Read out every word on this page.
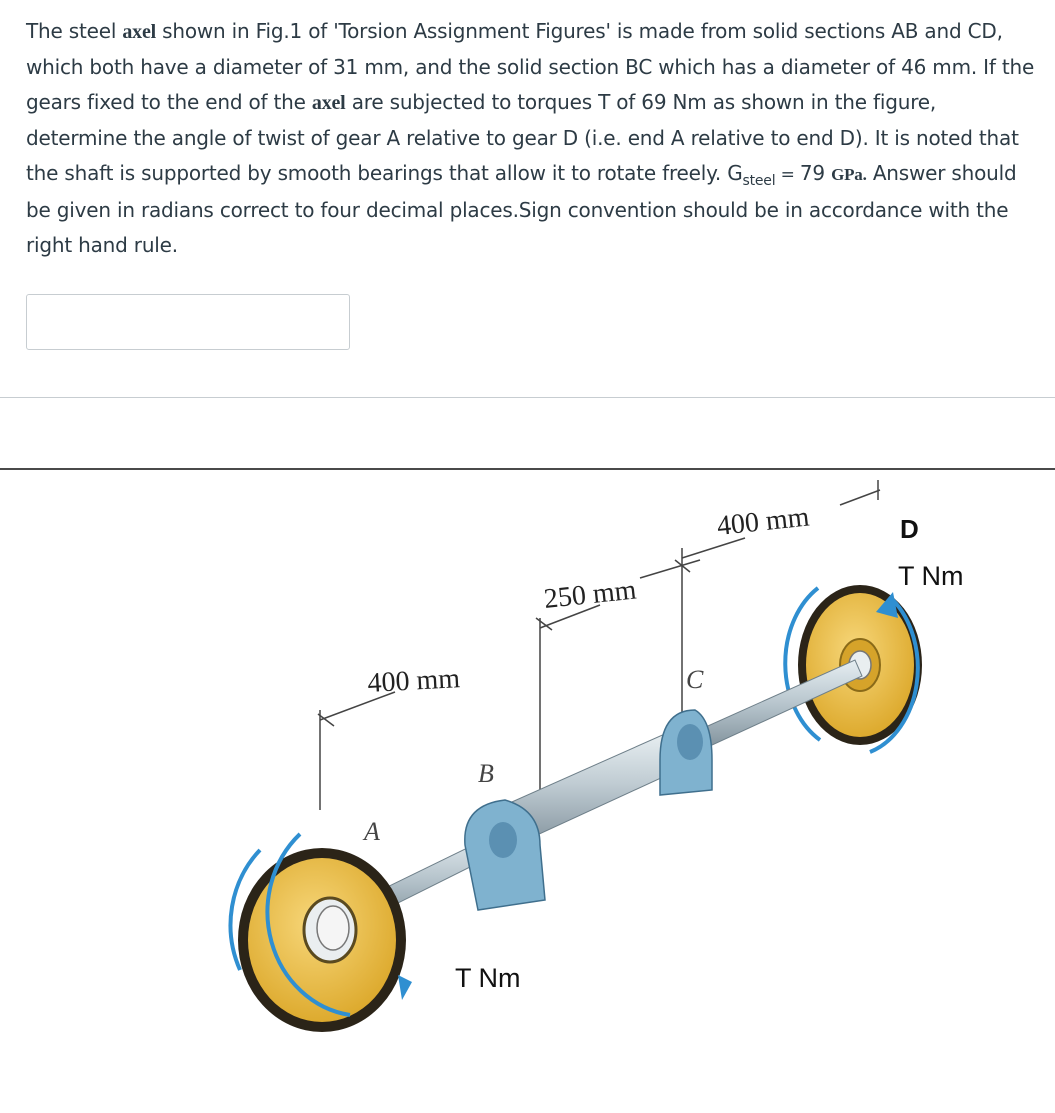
The steel axel shown in Fig.1 of 'Torsion Assignment Figures' is made from solid sections AB and CD, which both have a diameter of 31 mm, and the solid section BC which has a diameter of 46 mm. If the gears fixed to the end of the axel are subjected to torques T of 69 Nm as shown in the figure, determine the angle of twist of gear A relative to gear D (i.e. end A relative to end D). It is noted that the shaft is supported by smooth bearings that allow it to rotate freely. $G_{steel} = 79$ GPa. Answer should be given in radians correct to four decimal places.Sign convention should be in accordance with the right hand rule.
400 mm
250 mm
400 mm
A
B
C
D
T Nm
T Nm
